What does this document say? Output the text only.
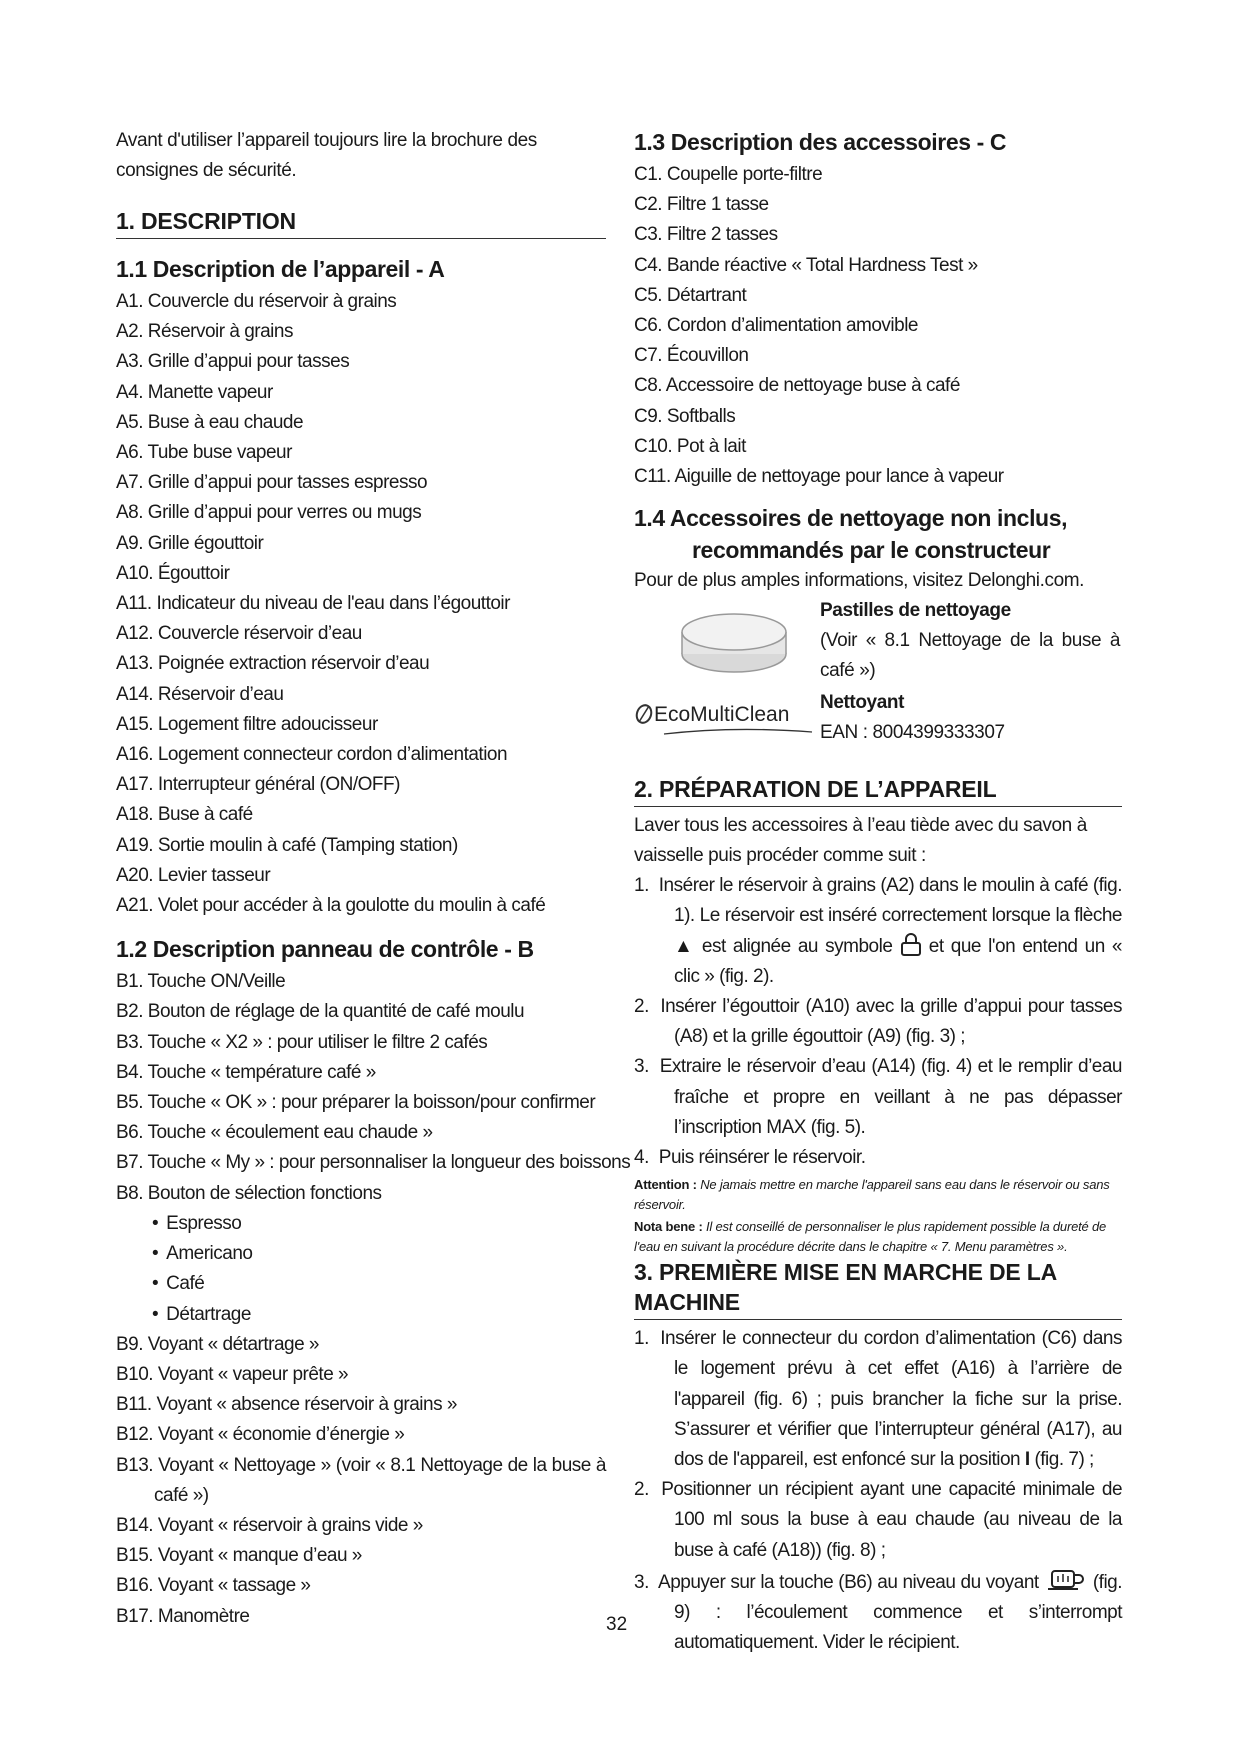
Avant d'utiliser l’appareil toujours lire la brochure des consignes de sécurité.

1. DESCRIPTION
1.1 Description de l’appareil - A
A1. Couvercle du réservoir à grains
A2. Réservoir à grains
A3. Grille d’appui pour tasses
A4. Manette vapeur
A5. Buse à eau chaude
A6. Tube buse vapeur
A7. Grille d’appui pour tasses espresso
A8. Grille d’appui pour verres ou mugs
A9. Grille égouttoir
A10. Égouttoir
A11. Indicateur du niveau de l'eau dans l’égouttoir
A12. Couvercle réservoir d’eau
A13. Poignée extraction réservoir d’eau
A14. Réservoir d’eau
A15. Logement filtre adoucisseur
A16. Logement connecteur cordon d’alimentation
A17. Interrupteur général (ON/OFF)
A18. Buse à café
A19. Sortie moulin à café (Tamping station)
A20. Levier tasseur
A21. Volet pour accéder à la goulotte du moulin à café
1.2 Description panneau de contrôle - B
B1. Touche ON/Veille
B2. Bouton de réglage de la quantité de café moulu
B3. Touche « X2 » : pour utiliser le filtre 2 cafés
B4. Touche « température café »
B5. Touche « OK » : pour préparer la boisson/pour confirmer
B6. Touche « écoulement eau chaude »
B7. Touche « My » : pour personnaliser la longueur des boissons
B8. Bouton de sélection fonctions
• Espresso
• Americano
• Café
• Détartrage
B9. Voyant « détartrage »
B10. Voyant « vapeur prête »
B11. Voyant « absence réservoir à grains »
B12. Voyant « économie d’énergie »
B13. Voyant « Nettoyage » (voir « 8.1 Nettoyage de la buse à café »)
B14. Voyant « réservoir à grains vide »
B15. Voyant « manque d’eau »
B16. Voyant « tassage »
B17. Manomètre
1.3 Description des accessoires - C
C1. Coupelle porte-filtre
C2. Filtre 1 tasse
C3. Filtre 2 tasses
C4. Bande réactive « Total Hardness Test »
C5. Détartrant
C6. Cordon d’alimentation amovible
C7. Écouvillon
C8. Accessoire de nettoyage buse à café
C9. Softballs
C10. Pot à lait
C11. Aiguille de nettoyage pour lance à vapeur
1.4 Accessoires de nettoyage non inclus,
recommandés par le constructeur

Pour de plus amples informations, visitez Delonghi.com.

Pastilles de nettoyage
(Voir « 8.1 Nettoyage de la buse à café »)
EcoMultiClean
Nettoyant
EAN : 8004399333307
2. PRÉPARATION DE L’APPAREIL

Laver tous les accessoires à l’eau tiède avec du savon à vaisselle puis procéder comme suit :

1. Insérer le réservoir à grains (A2) dans le moulin à café (fig. 1). Le réservoir est inséré correctement lorsque la flèche ▲ est alignée au symbole et que l'on entend un « clic » (fig. 2).
2. Insérer l’égouttoir (A10) avec la grille d’appui pour tasses (A8) et la grille égouttoir (A9) (fig. 3) ;
3. Extraire le réservoir d’eau (A14) (fig. 4) et le remplir d’eau fraîche et propre en veillant à ne pas dépasser l’inscription MAX (fig. 5).
4. Puis réinsérer le réservoir.

Attention : Ne jamais mettre en marche l'appareil sans eau dans le réservoir ou sans réservoir.

Nota bene : Il est conseillé de personnaliser le plus rapidement possible la dureté de l'eau en suivant la procédure décrite dans le chapitre « 7. Menu paramètres ».

3. PREMIÈRE MISE EN MARCHE DE LA MACHINE
1. Insérer le connecteur du cordon d’alimentation (C6) dans le logement prévu à cet effet (A16) à l’arrière de l'appareil (fig. 6) ; puis brancher la fiche sur la prise. S’assurer et vérifier que l’interrupteur général (A17), au dos de l'appareil, est enfoncé sur la position I (fig. 7) ;
2. Positionner un récipient ayant une capacité minimale de 100 ml sous la buse à eau chaude (au niveau de la buse à café (A18)) (fig. 8) ;
3. Appuyer sur la touche (B6) au niveau du voyant	(fig. 9) : l’écoulement commence et s’interrompt automatiquement. Vider le récipient.
32
